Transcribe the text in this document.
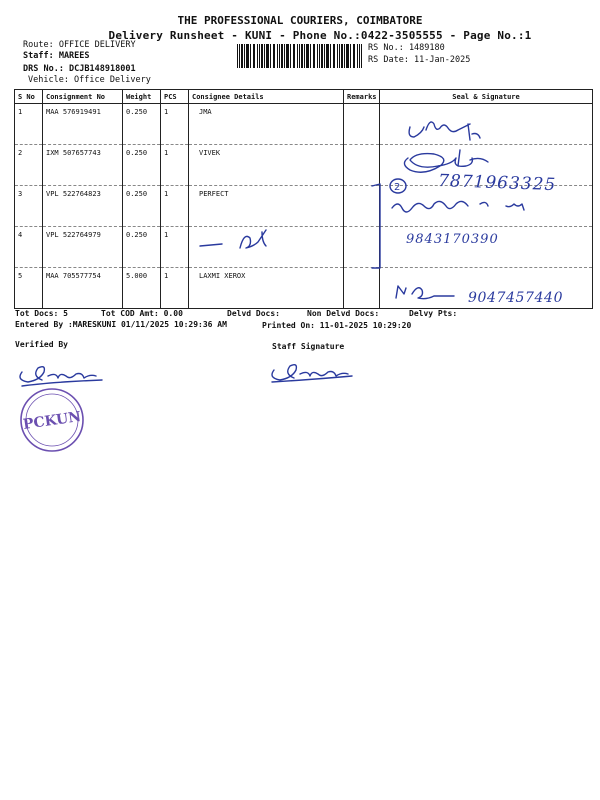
THE PROFESSIONAL COURIERS, COIMBATORE
Delivery Runsheet - KUNI - Phone No.:0422-3505555 - Page No.:1
Route: OFFICE DELIVERY
Staff: MAREES
DRS No.: DCJB148918001
Vehicle: Office Delivery
RS No.: 1489180
RS Date: 11-Jan-2025
S No	Consignment No	Weight	PCS	Consignee Details	Remarks	Seal & Signature
1	MAA 576919491	0.250	1	JMA		
2	IXM 507657743	0.250	1	VIVEK		
3	VPL 522764823	0.250	1	PERFECT		
4	VPL 522764979	0.250	1			
5	MAA 705577754	5.000	1	LAXMI XEROX		
7871963325
9843170390
9047457440
2
PCKUN
Tot Docs: 5	Tot COD Amt: 0.00	Delvd Docs:	Non Delvd Docs:	Delvy Pts:
Entered By :MARESKUNI 01/11/2025 10:29:36 AM	Printed On: 11-01-2025 10:29:20
Verified By	Staff Signature
